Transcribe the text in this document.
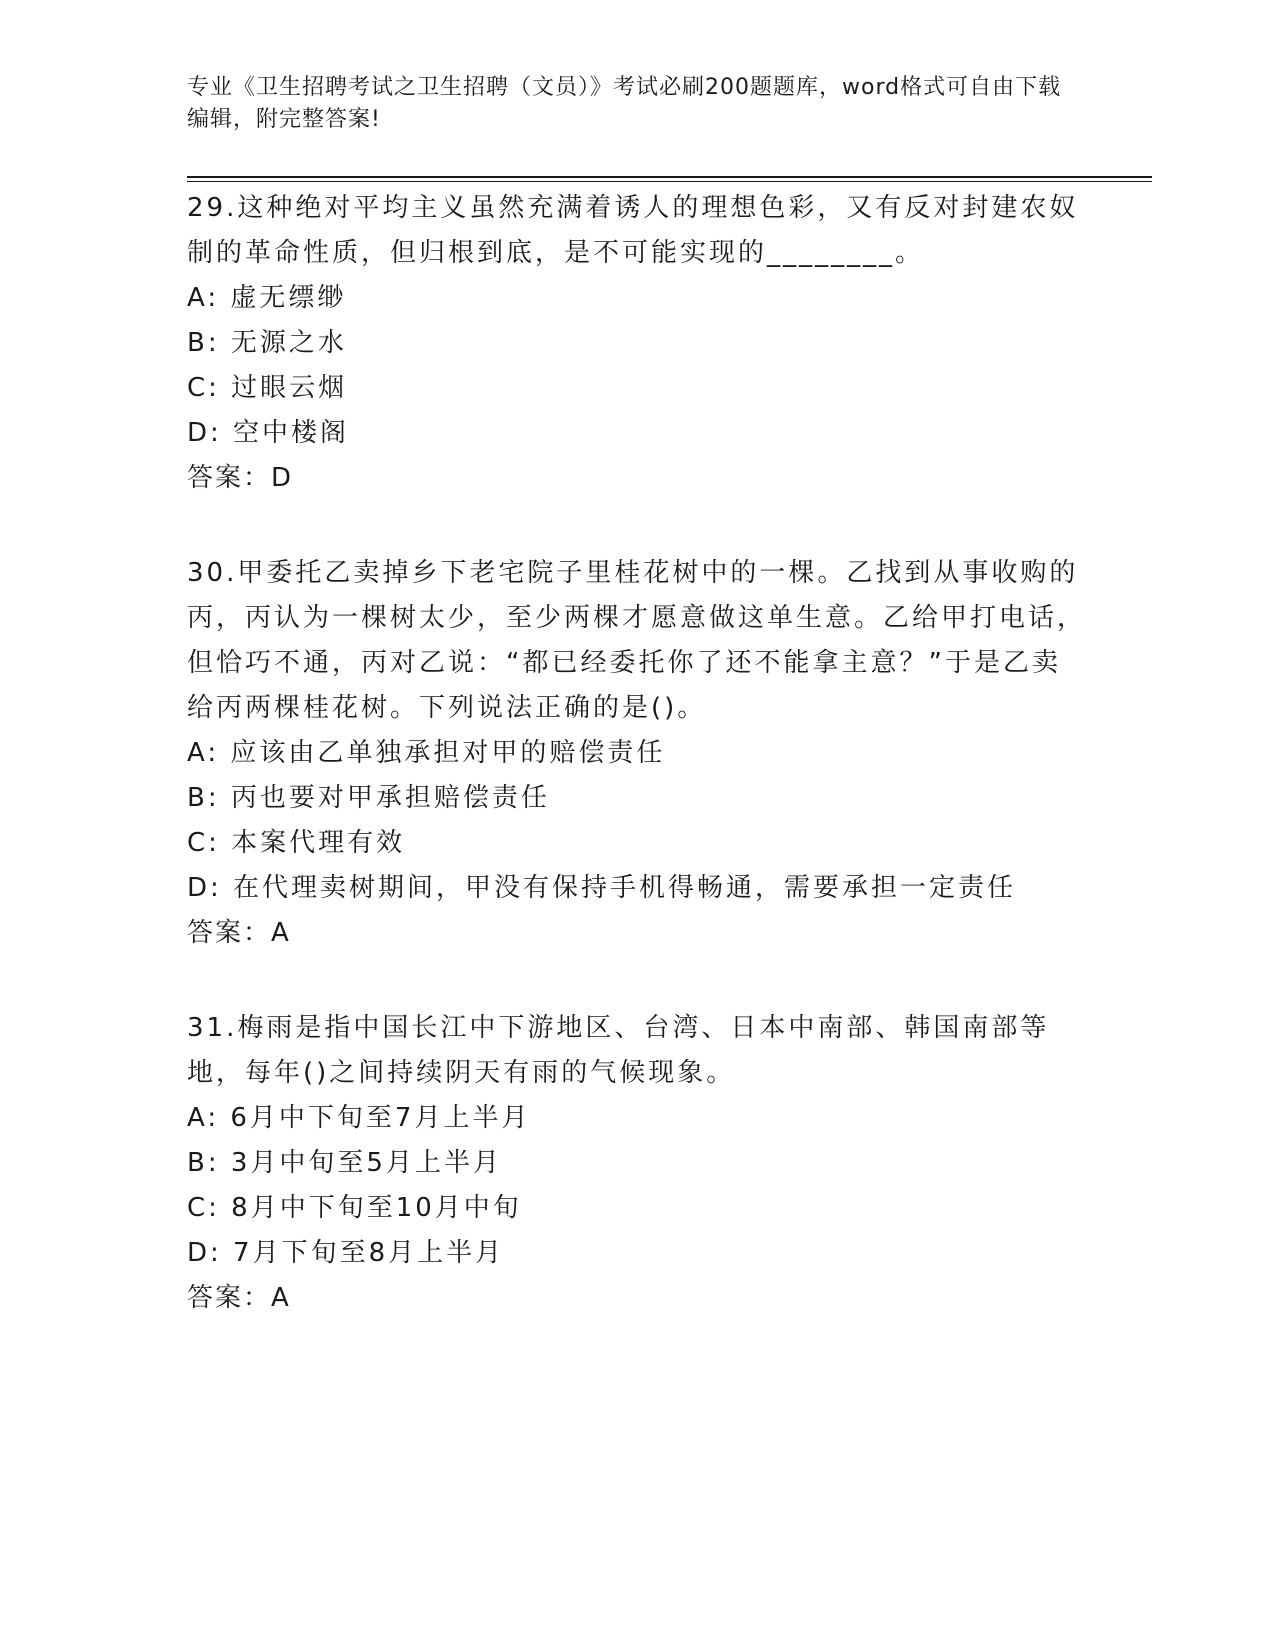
专业《卫生招聘考试之卫生招聘（文员）》考试必刷200题题库，word格式可自由下载编辑，附完整答案!

29.这种绝对平均主义虽然充满着诱人的理想色彩，又有反对封建农奴制的革命性质，但归根到底，是不可能实现的________。

A: 虚无缥缈

B: 无源之水

C: 过眼云烟

D: 空中楼阁

答案：D

30.甲委托乙卖掉乡下老宅院子里桂花树中的一棵。乙找到从事收购的丙，丙认为一棵树太少，至少两棵才愿意做这单生意。乙给甲打电话，但恰巧不通，丙对乙说：“都已经委托你了还不能拿主意？”于是乙卖给丙两棵桂花树。下列说法正确的是()。

A: 应该由乙单独承担对甲的赔偿责任

B: 丙也要对甲承担赔偿责任

C: 本案代理有效

D: 在代理卖树期间，甲没有保持手机得畅通，需要承担一定责任

答案：A

31.梅雨是指中国长江中下游地区、台湾、日本中南部、韩国南部等地，每年()之间持续阴天有雨的气候现象。

A: 6月中下旬至7月上半月

B: 3月中旬至5月上半月

C: 8月中下旬至10月中旬

D: 7月下旬至8月上半月

答案：A
